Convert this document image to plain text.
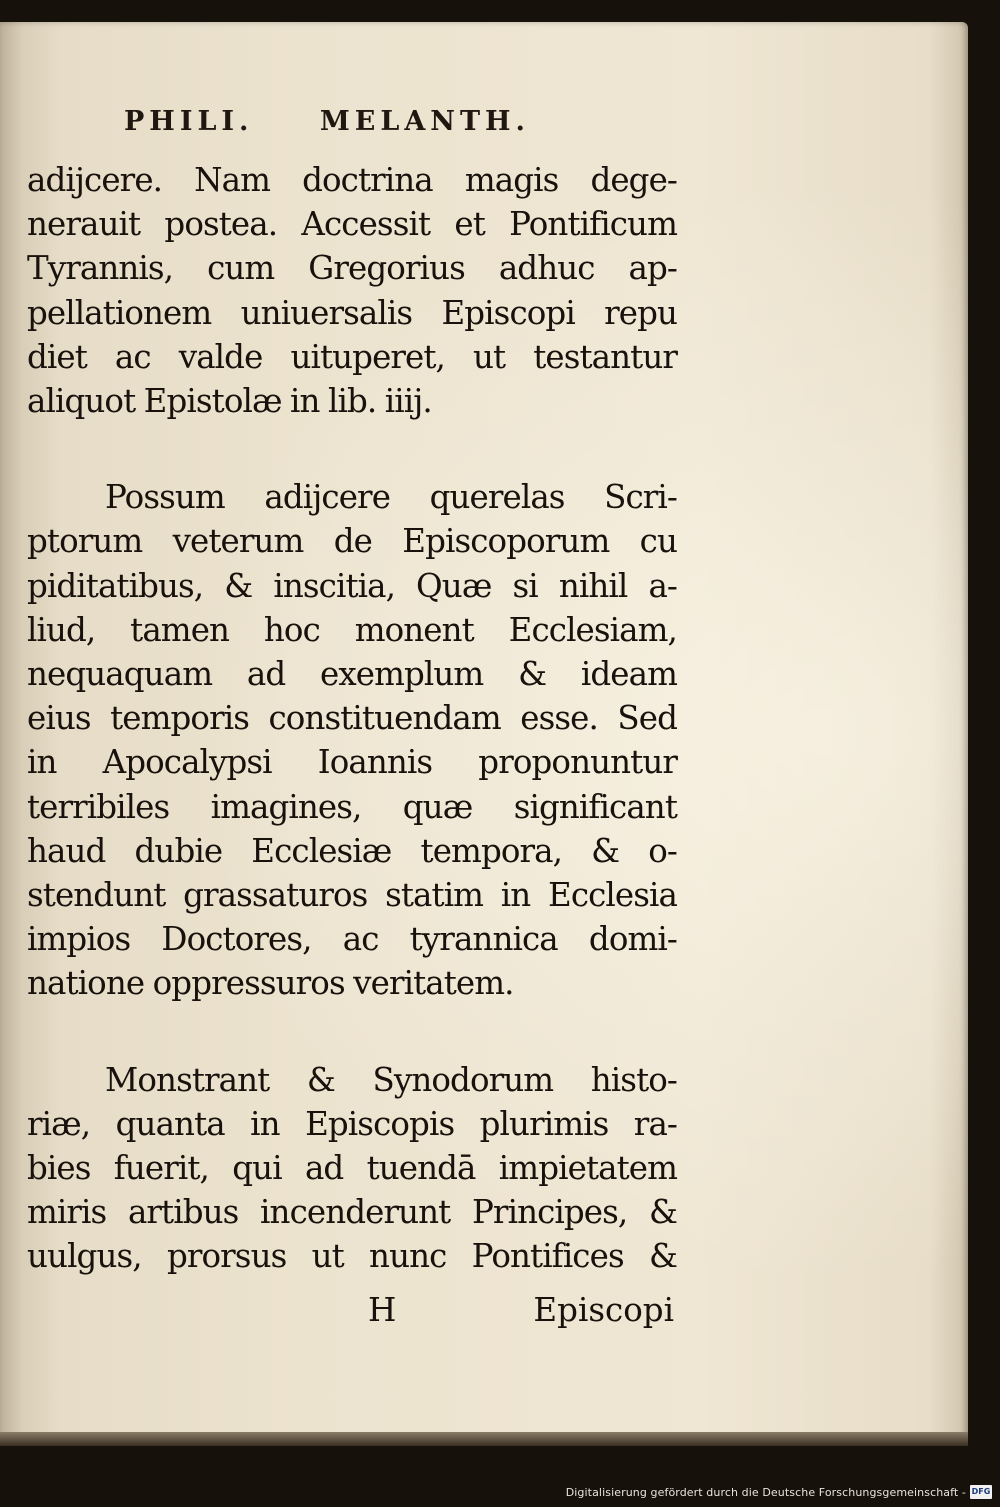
PHILI. MELANTH.
adijcere. Nam doctrina magis dege-
nerauit postea. Accessit et Pontificum
Tyrannis, cum Gregorius adhuc ap-
pellationem uniuersalis Episcopi repu
diet ac valde uituperet, ut testantur
aliquot Epistolæ in lib. iiij.
Possum adijcere querelas Scri-
ptorum veterum de Episcoporum cu
piditatibus, & inscitia, Quæ si nihil a-
liud, tamen hoc monent Ecclesiam,
nequaquam ad exemplum & ideam
eius temporis constituendam esse. Sed
in Apocalypsi Ioannis proponuntur
terribiles imagines, quæ significant
haud dubie Ecclesiæ tempora, & o-
stendunt grassaturos statim in Ecclesia
impios Doctores, ac tyrannica domi-
natione oppressuros veritatem.
Monstrant & Synodorum histo-
riæ, quanta in Episcopis plurimis ra-
bies fuerit, qui ad tuendā impietatem
miris artibus incenderunt Principes, &
uulgus, prorsus ut nunc Pontifices &
H	Episcopi
Digitalisierung gefördert durch die Deutsche Forschungsgemeinschaft - DFG
